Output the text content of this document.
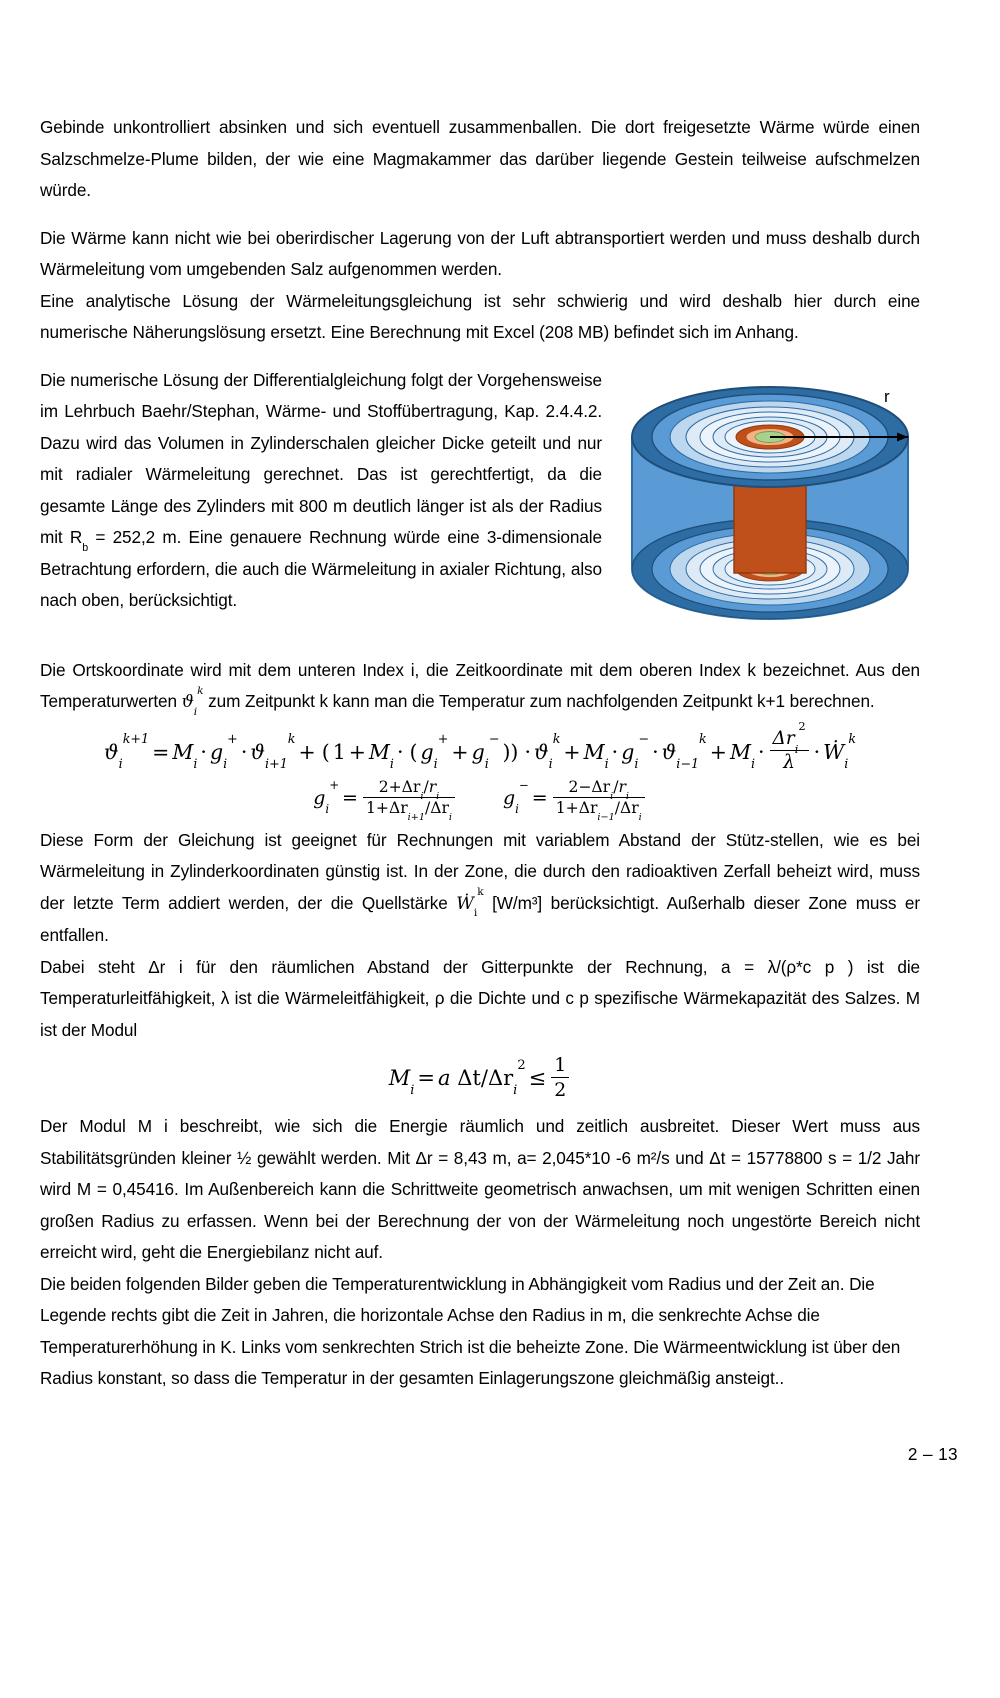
Gebinde unkontrolliert absinken und sich eventuell zusammenballen. Die dort freigesetzte Wärme würde einen Salzschmelze-Plume bilden, der wie eine Magmakammer das darüber liegende Gestein teilweise aufschmelzen würde.

Die Wärme kann nicht wie bei oberirdischer Lagerung von der Luft abtransportiert werden und muss deshalb durch Wärmeleitung vom umgebenden Salz aufgenommen werden.

Eine analytische Lösung der Wärmeleitungsgleichung ist sehr schwierig und wird deshalb hier durch eine numerische Näherungslösung ersetzt. Eine Berechnung mit Excel (208 MB) befindet sich im Anhang.

r

Die numerische Lösung der Differentialgleichung folgt der Vorgehensweise im Lehrbuch Baehr/Stephan, Wärme- und Stoffübertragung, Kap. 2.4.4.2. Dazu wird das Volumen in Zylinderschalen gleicher Dicke geteilt und nur mit radialer Wärmeleitung gerechnet. Das ist gerechtfertigt, da die gesamte Länge des Zylinders mit 800 m deutlich länger ist als der Radius mit $R_b = 252,2$ m. Eine genauere Rechnung würde eine 3-dimensionale Betrachtung erfordern, die auch die Wärmeleitung in axialer Richtung, also nach oben, berücksichtigt.

Die Ortskoordinate wird mit dem unteren Index i, die Zeitkoordinate mit dem oberen Index k bezeichnet. Aus den Temperaturwerten $ϑ_i^k$ zum Zeitpunkt k kann man die Temperatur zum nachfolgenden Zeitpunkt k+1 berechnen.

$ϑ_i^{k+1}= M_i \cdot g_i^+\cdot ϑ_{i+1}^k+$ ( $1 + M_i$ · ( $g_i^++ g_i^-)) \cdot ϑ_i^k+ M_i \cdot g_i^-\cdot ϑ_{i-1}^k+ M_i \cdot \frac{\Delta r_i^2}{\lambda}$ · Ẇ$_i^k$
$g_i^+= \frac{2+\Delta r_i/r_i}{1+\Delta r_{i+1}/\Delta r_i}$	$g_i^-= \frac{2-\Delta r_i/r_i}{1+\Delta r_{i-1}/\Delta r_i}$

Diese Form der Gleichung ist geeignet für Rechnungen mit variablem Abstand der Stütz-stellen, wie es bei Wärmeleitung in Zylinderkoordinaten günstig ist. In der Zone, die durch den radioaktiven Zerfall beheizt wird, muss der letzte Term addiert werden, der die Quellstärke Ẇ$_i^k$ [W/m³] berücksichtigt. Außerhalb dieser Zone muss er entfallen.

Dabei steht Δr i für den räumlichen Abstand der Gitterpunkte der Rechnung, a = λ/(ρ*c p ) ist die Temperaturleitfähigkeit, λ ist die Wärmeleitfähigkeit, ρ die Dichte und c p spezifische Wärmekapazität des Salzes. M ist der Modul

$M_i= a$ $\Delta t/\Delta r_i^2\le \frac{1}{2}$

Der Modul M i beschreibt, wie sich die Energie räumlich und zeitlich ausbreitet. Dieser Wert muss aus Stabilitätsgründen kleiner ½ gewählt werden. Mit Δr = 8,43 m, a= 2,045*10 -6 m²/s und Δt = 15778800 s = 1/2 Jahr wird M = 0,45416. Im Außenbereich kann die Schrittweite geometrisch anwachsen, um mit wenigen Schritten einen großen Radius zu erfassen. Wenn bei der Berechnung der von der Wärmeleitung noch ungestörte Bereich nicht erreicht wird, geht die Energiebilanz nicht auf.

Die beiden folgenden Bilder geben die Temperaturentwicklung in Abhängigkeit vom Radius und der Zeit an. Die Legende rechts gibt die Zeit in Jahren, die horizontale Achse den Radius in m, die senkrechte Achse die Temperaturerhöhung in K. Links vom senkrechten Strich ist die beheizte Zone. Die Wärmeentwicklung ist über den Radius konstant, so dass die Temperatur in der gesamten Einlagerungszone gleichmäßig ansteigt..

2 – 13
